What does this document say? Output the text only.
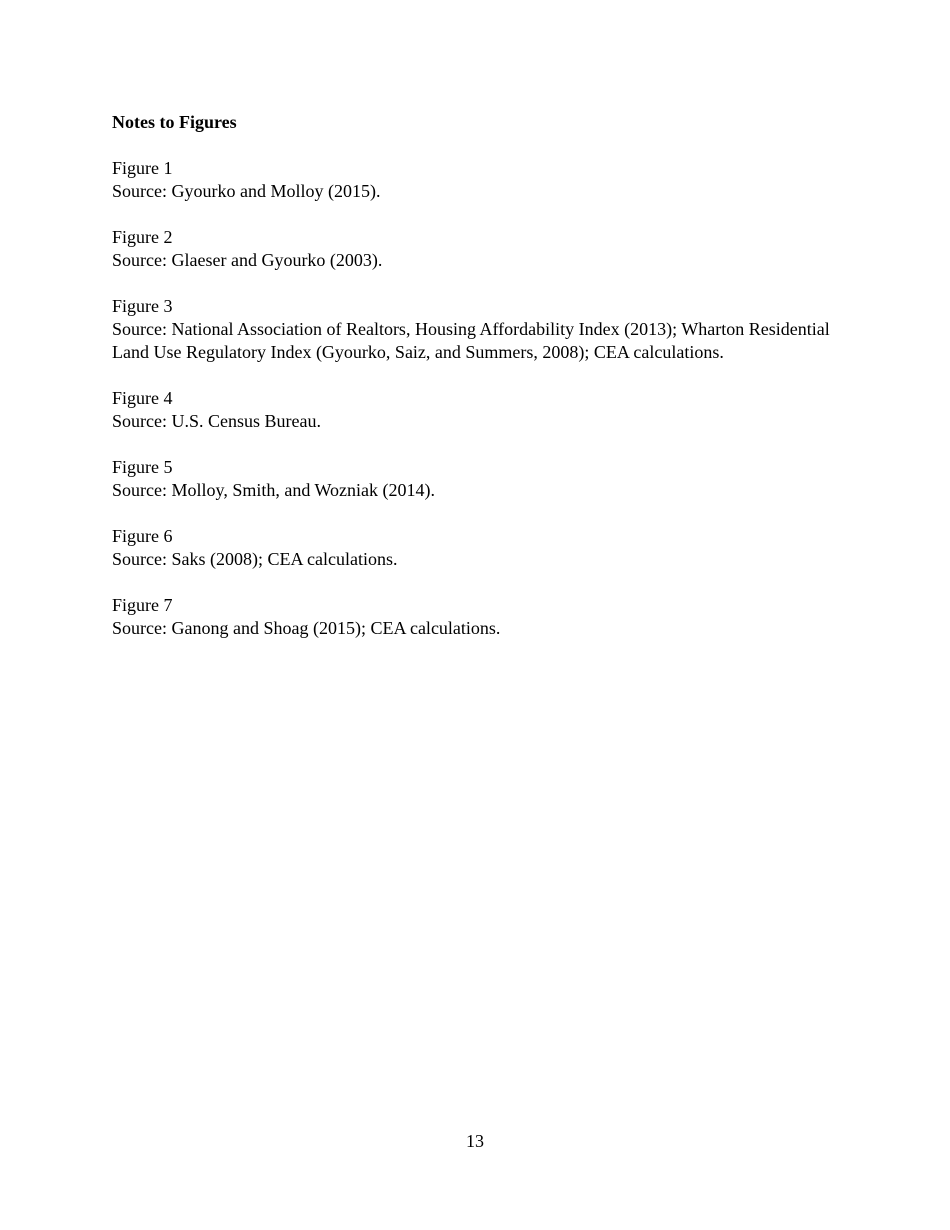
Notes to Figures
Figure 1
Source: Gyourko and Molloy (2015).
Figure 2
Source: Glaeser and Gyourko (2003).
Figure 3
Source: National Association of Realtors, Housing Affordability Index (2013); Wharton Residential Land Use Regulatory Index (Gyourko, Saiz, and Summers, 2008); CEA calculations.
Figure 4
Source: U.S. Census Bureau.
Figure 5
Source: Molloy, Smith, and Wozniak (2014).
Figure 6
Source: Saks (2008); CEA calculations.
Figure 7
Source: Ganong and Shoag (2015); CEA calculations.
13
